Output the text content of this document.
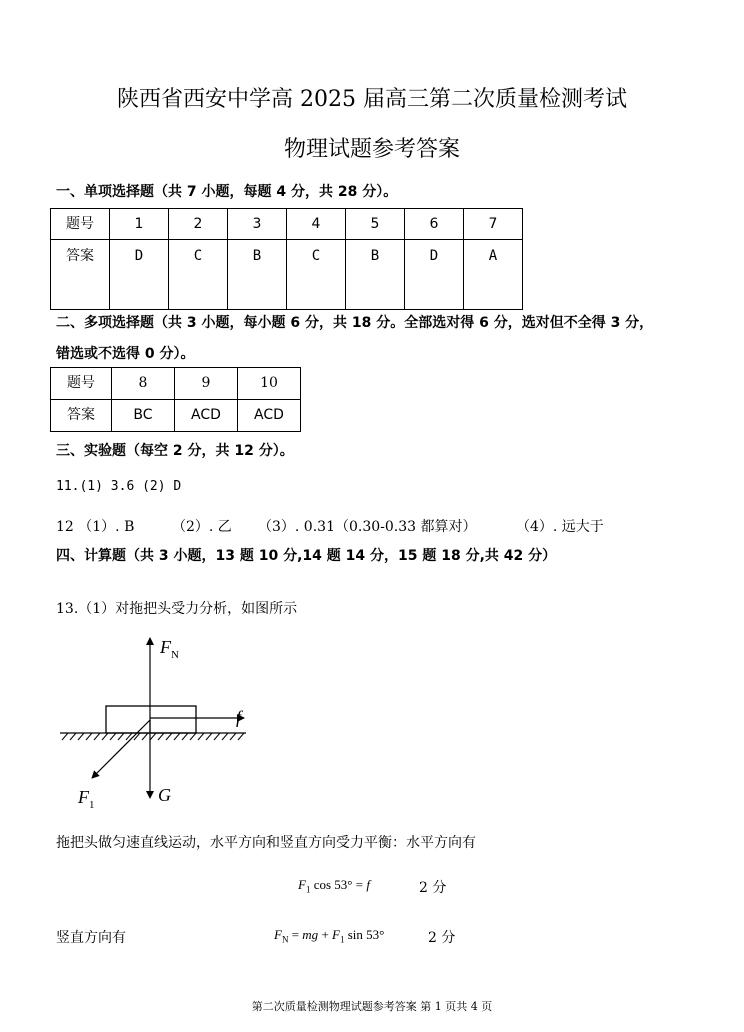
陕西省西安中学高 2025 届高三第二次质量检测考试
物理试题参考答案
一、单项选择题（共 7 小题，每题 4 分，共 28 分）。
题号	1	2	3	4	5	6	7
答案	D	C	B	C	B	D	A
二、多项选择题（共 3 小题，每小题 6 分，共 18 分。全部选对得 6 分，选对但不全得 3 分，
错选或不选得 0 分）。
题号	8	9	10
答案	BC	ACD	ACD
三、实验题（每空 2 分，共 12 分）。
11.(1) 3.6 (2) D
12 （1）. B	（2）. 乙 （3）. 0.31（0.30-0.33 都算对）	（4）. 远大于
四、计算题（共 3 小题，13 题 10 分,14 题 14 分，15 题 18 分,共 42 分）
13.（1）对拖把头受力分析，如图所示
$F_N$
f
$F_1$	G
拖把头做匀速直线运动，水平方向和竖直方向受力平衡：水平方向有
$F_1$ cos 53° = f	2 分
竖直方向有	$F_N$ = mg + $F_1$ sin 53°	2 分
第二次质量检测物理试题参考答案 第 1 页共 4 页
